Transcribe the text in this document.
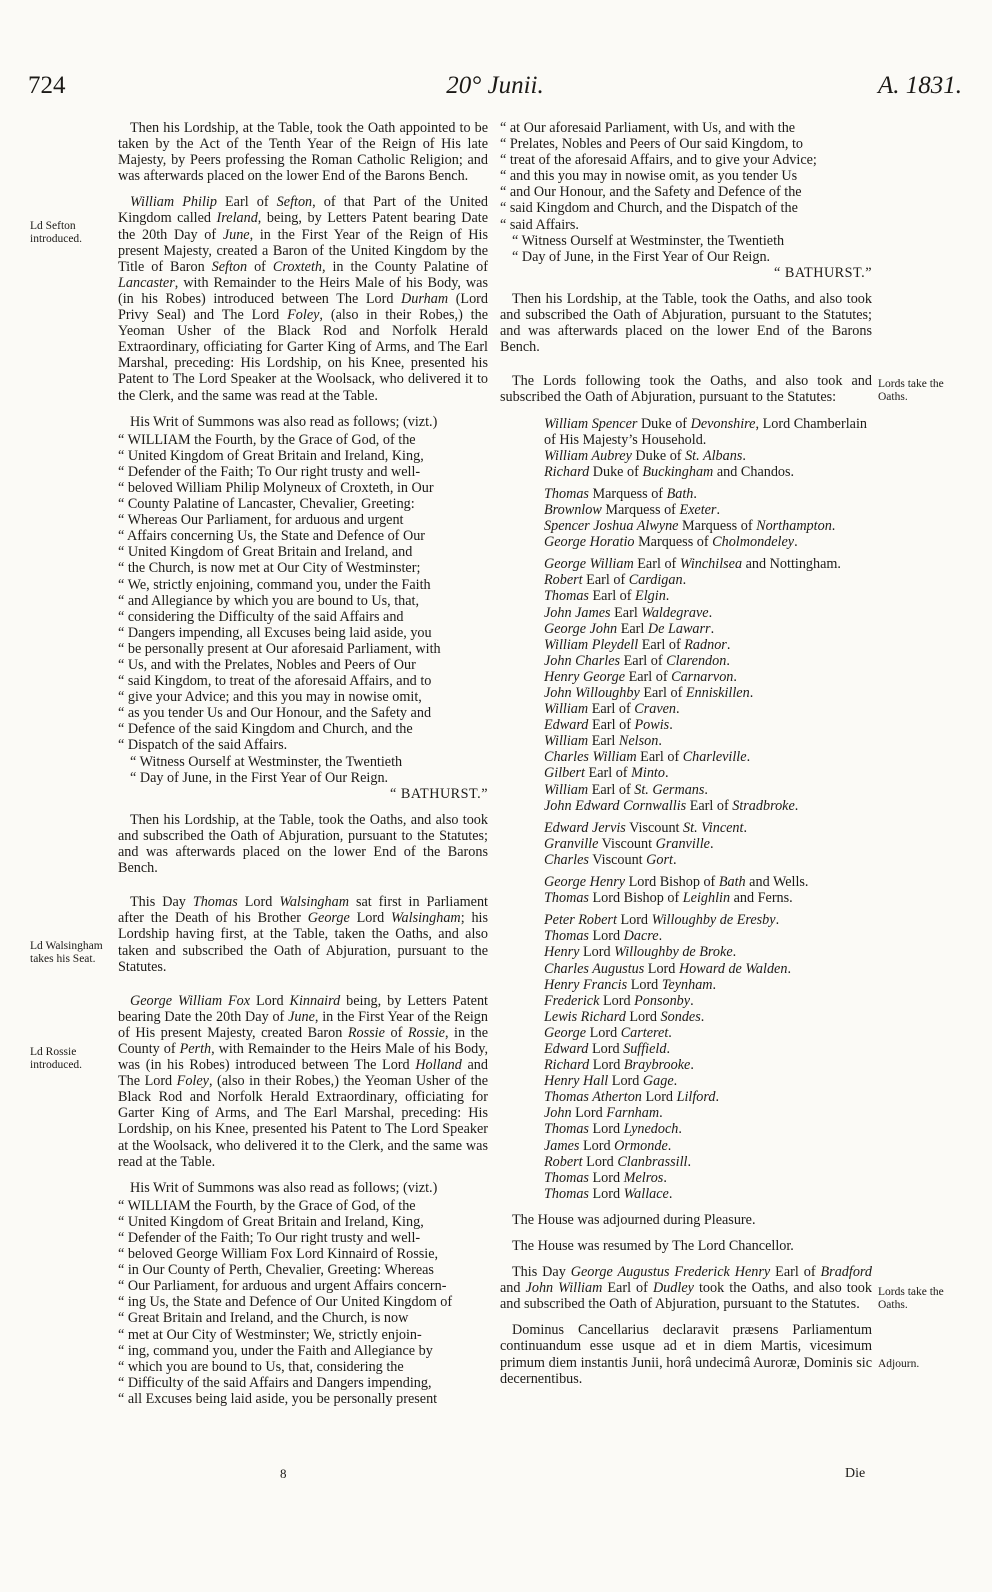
724	20° Junii.	A. 1831.
Ld Sefton introduced.
Ld Walsingham takes his Seat.
Ld Rossie introduced.
Lords take the Oaths.
Lords take the Oaths.
Adjourn.

Then his Lordship, at the Table, took the Oath appointed to be taken by the Act of the Tenth Year of the Reign of His late Majesty, by Peers professing the Roman Catholic Religion; and was afterwards placed on the lower End of the Barons Bench.

William Philip Earl of Sefton, of that Part of the United Kingdom called Ireland, being, by Letters Patent bearing Date the 20th Day of June, in the First Year of the Reign of His present Majesty, created a Baron of the United Kingdom by the Title of Baron Sefton of Croxteth, in the County Palatine of Lancaster, with Remainder to the Heirs Male of his Body, was (in his Robes) introduced between The Lord Durham (Lord Privy Seal) and The Lord Foley, (also in their Robes,) the Yeoman Usher of the Black Rod and Norfolk Herald Extraordinary, officiating for Garter King of Arms, and The Earl Marshal, preceding: His Lordship, on his Knee, presented his Patent to The Lord Speaker at the Woolsack, who delivered it to the Clerk, and the same was read at the Table.

His Writ of Summons was also read as follows; (vizt.)

“ WILLIAM the Fourth, by the Grace of God, of the
“ United Kingdom of Great Britain and Ireland, King,
“ Defender of the Faith; To Our right trusty and well-
“ beloved William Philip Molyneux of Croxteth, in Our
“ County Palatine of Lancaster, Chevalier, Greeting:
“ Whereas Our Parliament, for arduous and urgent
“ Affairs concerning Us, the State and Defence of Our
“ United Kingdom of Great Britain and Ireland, and
“ the Church, is now met at Our City of Westminster;
“ We, strictly enjoining, command you, under the Faith
“ and Allegiance by which you are bound to Us, that,
“ considering the Difficulty of the said Affairs and
“ Dangers impending, all Excuses being laid aside, you
“ be personally present at Our aforesaid Parliament, with
“ Us, and with the Prelates, Nobles and Peers of Our
“ said Kingdom, to treat of the aforesaid Affairs, and to
“ give your Advice; and this you may in nowise omit,
“ as you tender Us and Our Honour, and the Safety and
“ Defence of the said Kingdom and Church, and the
“ Dispatch of the said Affairs.
“ Witness Ourself at Westminster, the Twentieth
“ Day of June, in the First Year of Our Reign.
“ BATHURST.”

Then his Lordship, at the Table, took the Oaths, and also took and subscribed the Oath of Abjuration, pursuant to the Statutes; and was afterwards placed on the lower End of the Barons Bench.

This Day Thomas Lord Walsingham sat first in Parliament after the Death of his Brother George Lord Walsingham; his Lordship having first, at the Table, taken the Oaths, and also taken and subscribed the Oath of Abjuration, pursuant to the Statutes.

George William Fox Lord Kinnaird being, by Letters Patent bearing Date the 20th Day of June, in the First Year of the Reign of His present Majesty, created Baron Rossie of Rossie, in the County of Perth, with Remainder to the Heirs Male of his Body, was (in his Robes) introduced between The Lord Holland and The Lord Foley, (also in their Robes,) the Yeoman Usher of the Black Rod and Norfolk Herald Extraordinary, officiating for Garter King of Arms, and The Earl Marshal, preceding: His Lordship, on his Knee, presented his Patent to The Lord Speaker at the Woolsack, who delivered it to the Clerk, and the same was read at the Table.

His Writ of Summons was also read as follows; (vizt.)

“ WILLIAM the Fourth, by the Grace of God, of the
“ United Kingdom of Great Britain and Ireland, King,
“ Defender of the Faith; To Our right trusty and well-
“ beloved George William Fox Lord Kinnaird of Rossie,
“ in Our County of Perth, Chevalier, Greeting: Whereas
“ Our Parliament, for arduous and urgent Affairs concern-
“ ing Us, the State and Defence of Our United Kingdom of
“ Great Britain and Ireland, and the Church, is now
“ met at Our City of Westminster; We, strictly enjoin-
“ ing, command you, under the Faith and Allegiance by
“ which you are bound to Us, that, considering the
“ Difficulty of the said Affairs and Dangers impending,
“ all Excuses being laid aside, you be personally present
“ at Our aforesaid Parliament, with Us, and with the
“ Prelates, Nobles and Peers of Our said Kingdom, to
“ treat of the aforesaid Affairs, and to give your Advice;
“ and this you may in nowise omit, as you tender Us
“ and Our Honour, and the Safety and Defence of the
“ said Kingdom and Church, and the Dispatch of the
“ said Affairs.
“ Witness Ourself at Westminster, the Twentieth
“ Day of June, in the First Year of Our Reign.
“ BATHURST.”

Then his Lordship, at the Table, took the Oaths, and also took and subscribed the Oath of Abjuration, pursuant to the Statutes; and was afterwards placed on the lower End of the Barons Bench.

The Lords following took the Oaths, and also took and subscribed the Oath of Abjuration, pursuant to the Statutes:

William Spencer Duke of Devonshire, Lord Chamberlain of His Majesty’s Household.
William Aubrey Duke of St. Albans.
Richard Duke of Buckingham and Chandos.
Thomas Marquess of Bath.
Brownlow Marquess of Exeter.
Spencer Joshua Alwyne Marquess of Northampton.
George Horatio Marquess of Cholmondeley.
George William Earl of Winchilsea and Nottingham.
Robert Earl of Cardigan.
Thomas Earl of Elgin.
John James Earl Waldegrave.
George John Earl De Lawarr.
William Pleydell Earl of Radnor.
John Charles Earl of Clarendon.
Henry George Earl of Carnarvon.
John Willoughby Earl of Enniskillen.
William Earl of Craven.
Edward Earl of Powis.
William Earl Nelson.
Charles William Earl of Charleville.
Gilbert Earl of Minto.
William Earl of St. Germans.
John Edward Cornwallis Earl of Stradbroke.
Edward Jervis Viscount St. Vincent.
Granville Viscount Granville.
Charles Viscount Gort.
George Henry Lord Bishop of Bath and Wells.
Thomas Lord Bishop of Leighlin and Ferns.
Peter Robert Lord Willoughby de Eresby.
Thomas Lord Dacre.
Henry Lord Willoughby de Broke.
Charles Augustus Lord Howard de Walden.
Henry Francis Lord Teynham.
Frederick Lord Ponsonby.
Lewis Richard Lord Sondes.
George Lord Carteret.
Edward Lord Suffield.
Richard Lord Braybrooke.
Henry Hall Lord Gage.
Thomas Atherton Lord Lilford.
John Lord Farnham.
Thomas Lord Lynedoch.
James Lord Ormonde.
Robert Lord Clanbrassill.
Thomas Lord Melros.
Thomas Lord Wallace.

The House was adjourned during Pleasure.

The House was resumed by The Lord Chancellor.

This Day George Augustus Frederick Henry Earl of Bradford and John William Earl of Dudley took the Oaths, and also took and subscribed the Oath of Abjuration, pursuant to the Statutes.

Dominus Cancellarius declaravit præsens Parliamentum continuandum esse usque ad et in diem Martis, vicesimum primum diem instantis Junii, horâ undecimâ Auroræ, Dominis sic decernentibus.

8	Die
